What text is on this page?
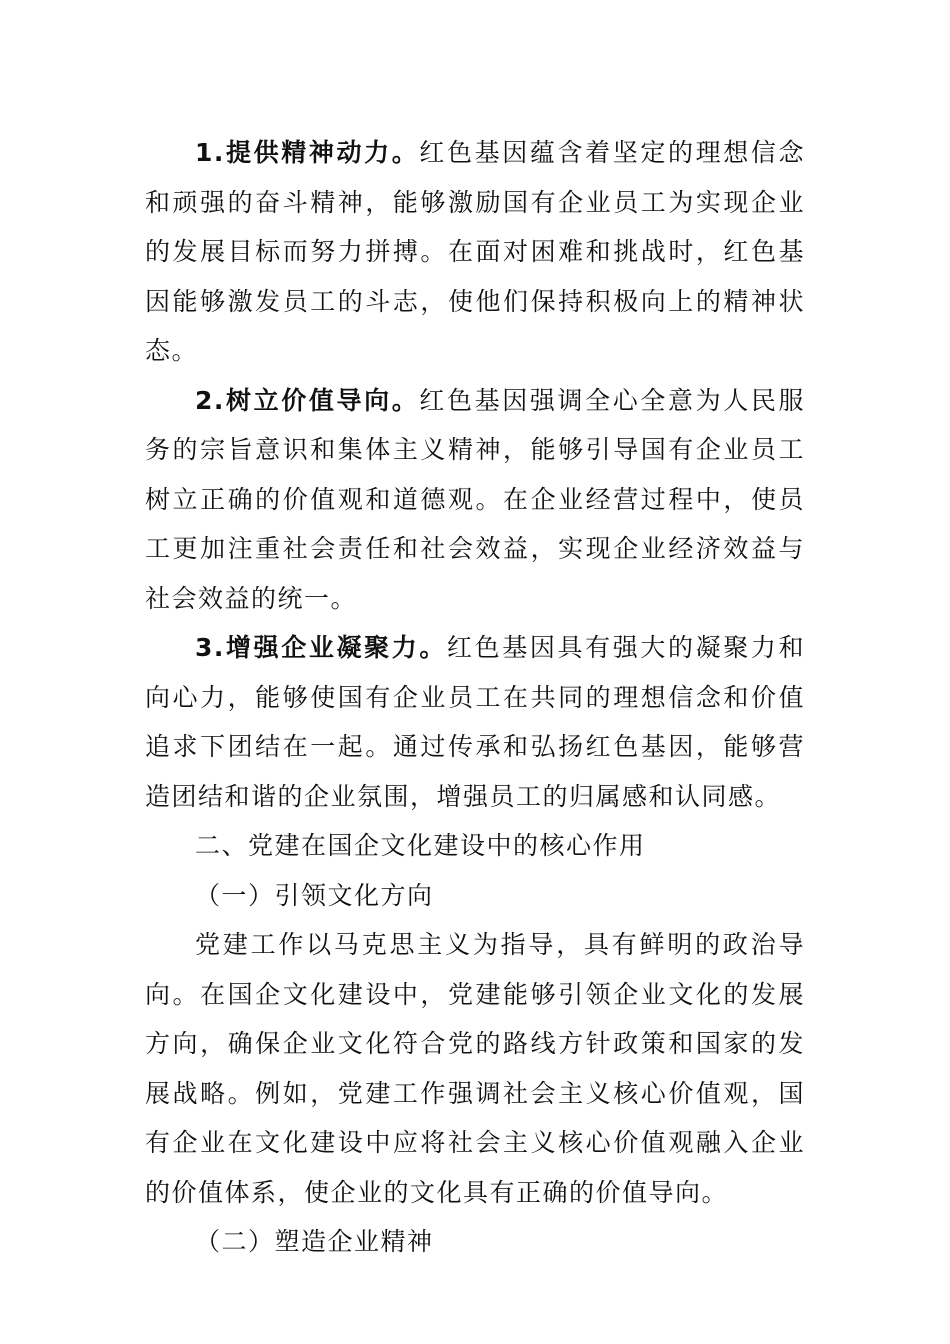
1.提供精神动力。红色基因蕴含着坚定的理想信念和顽强的奋斗精神，能够激励国有企业员工为实现企业的发展目标而努力拼搏。在面对困难和挑战时，红色基因能够激发员工的斗志，使他们保持积极向上的精神状态。

2.树立价值导向。红色基因强调全心全意为人民服务的宗旨意识和集体主义精神，能够引导国有企业员工树立正确的价值观和道德观。在企业经营过程中，使员工更加注重社会责任和社会效益，实现企业经济效益与社会效益的统一。

3.增强企业凝聚力。红色基因具有强大的凝聚力和向心力，能够使国有企业员工在共同的理想信念和价值追求下团结在一起。通过传承和弘扬红色基因，能够营造团结和谐的企业氛围，增强员工的归属感和认同感。

二、党建在国企文化建设中的核心作用

（一）引领文化方向

党建工作以马克思主义为指导，具有鲜明的政治导向。在国企文化建设中，党建能够引领企业文化的发展方向，确保企业文化符合党的路线方针政策和国家的发展战略。例如，党建工作强调社会主义核心价值观，国有企业在文化建设中应将社会主义核心价值观融入企业的价值体系，使企业的文化具有正确的价值导向。

（二）塑造企业精神
